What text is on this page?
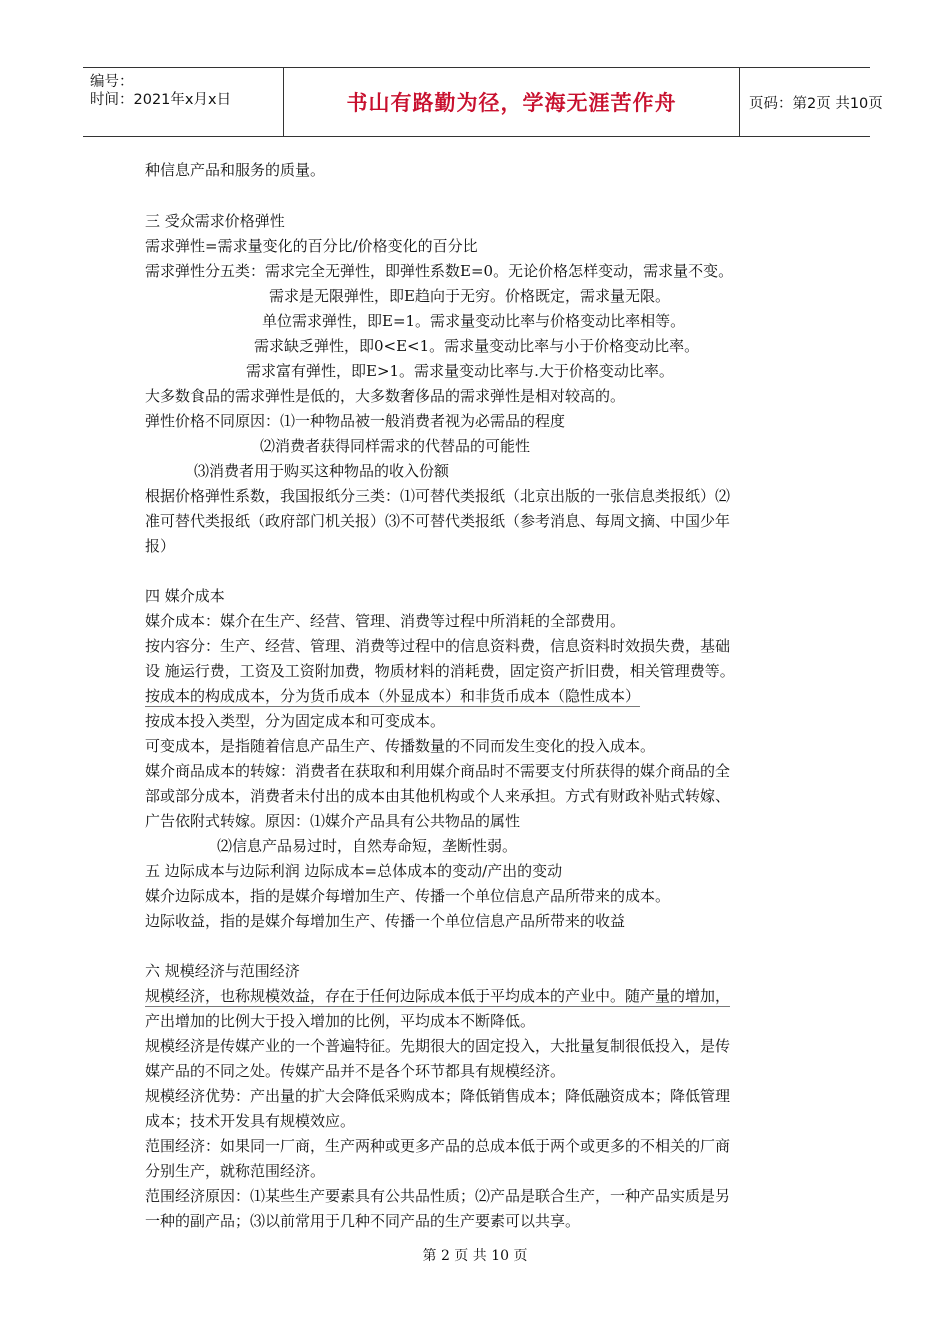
编号：
时间：2021年x月x日	书山有路勤为径，学海无涯苦作舟	页码：第2页 共10页
种信息产品和服务的质量。
三 受众需求价格弹性
需求弹性=需求量变化的百分比/价格变化的百分比
需求弹性分五类：需求完全无弹性，即弹性系数E=0。无论价格怎样变动，需求量不变。
需求是无限弹性，即E趋向于无穷。价格既定，需求量无限。
单位需求弹性，即E=1。需求量变动比率与价格变动比率相等。
需求缺乏弹性，即0<E<1。需求量变动比率与小于价格变动比率。
需求富有弹性，即E>1。需求量变动比率与.大于价格变动比率。
大多数食品的需求弹性是低的，大多数奢侈品的需求弹性是相对较高的。
弹性价格不同原因：⑴一种物品被一般消费者视为必需品的程度
⑵消费者获得同样需求的代替品的可能性
⑶消费者用于购买这种物品的收入份额
根据价格弹性系数，我国报纸分三类：⑴可替代类报纸（北京出版的一张信息类报纸）⑵
准可替代类报纸（政府部门机关报）⑶不可替代类报纸（参考消息、每周文摘、中国少年
报）
四 媒介成本
媒介成本：媒介在生产、经营、管理、消费等过程中所消耗的全部费用。
按内容分：生产、经营、管理、消费等过程中的信息资料费，信息资料时效损失费，基础
设 施运行费，工资及工资附加费，物质材料的消耗费，固定资产折旧费，相关管理费等。
按成本的构成成本，分为货币成本（外显成本）和非货币成本（隐性成本）
按成本投入类型，分为固定成本和可变成本。
可变成本，是指随着信息产品生产、传播数量的不同而发生变化的投入成本。
媒介商品成本的转嫁：消费者在获取和利用媒介商品时不需要支付所获得的媒介商品的全
部或部分成本，消费者未付出的成本由其他机构或个人来承担。方式有财政补贴式转嫁、
广告依附式转嫁。原因：⑴媒介产品具有公共物品的属性
⑵信息产品易过时，自然寿命短，垄断性弱。
五 边际成本与边际利润 边际成本=总体成本的变动/产出的变动
媒介边际成本，指的是媒介每增加生产、传播一个单位信息产品所带来的成本。
边际收益，指的是媒介每增加生产、传播一个单位信息产品所带来的收益
六 规模经济与范围经济
规模经济，也称规模效益，存在于任何边际成本低于平均成本的产业中。随产量的增加，
产出增加的比例大于投入增加的比例，平均成本不断降低。
规模经济是传媒产业的一个普遍特征。先期很大的固定投入，大批量复制很低投入，是传
媒产品的不同之处。传媒产品并不是各个环节都具有规模经济。
规模经济优势：产出量的扩大会降低采购成本；降低销售成本；降低融资成本；降低管理
成本；技术开发具有规模效应。
范围经济：如果同一厂商，生产两种或更多产品的总成本低于两个或更多的不相关的厂商
分别生产，就称范围经济。
范围经济原因：⑴某些生产要素具有公共品性质；⑵产品是联合生产，一种产品实质是另
一种的副产品；⑶以前常用于几种不同产品的生产要素可以共享。
第 2 页 共 10 页
